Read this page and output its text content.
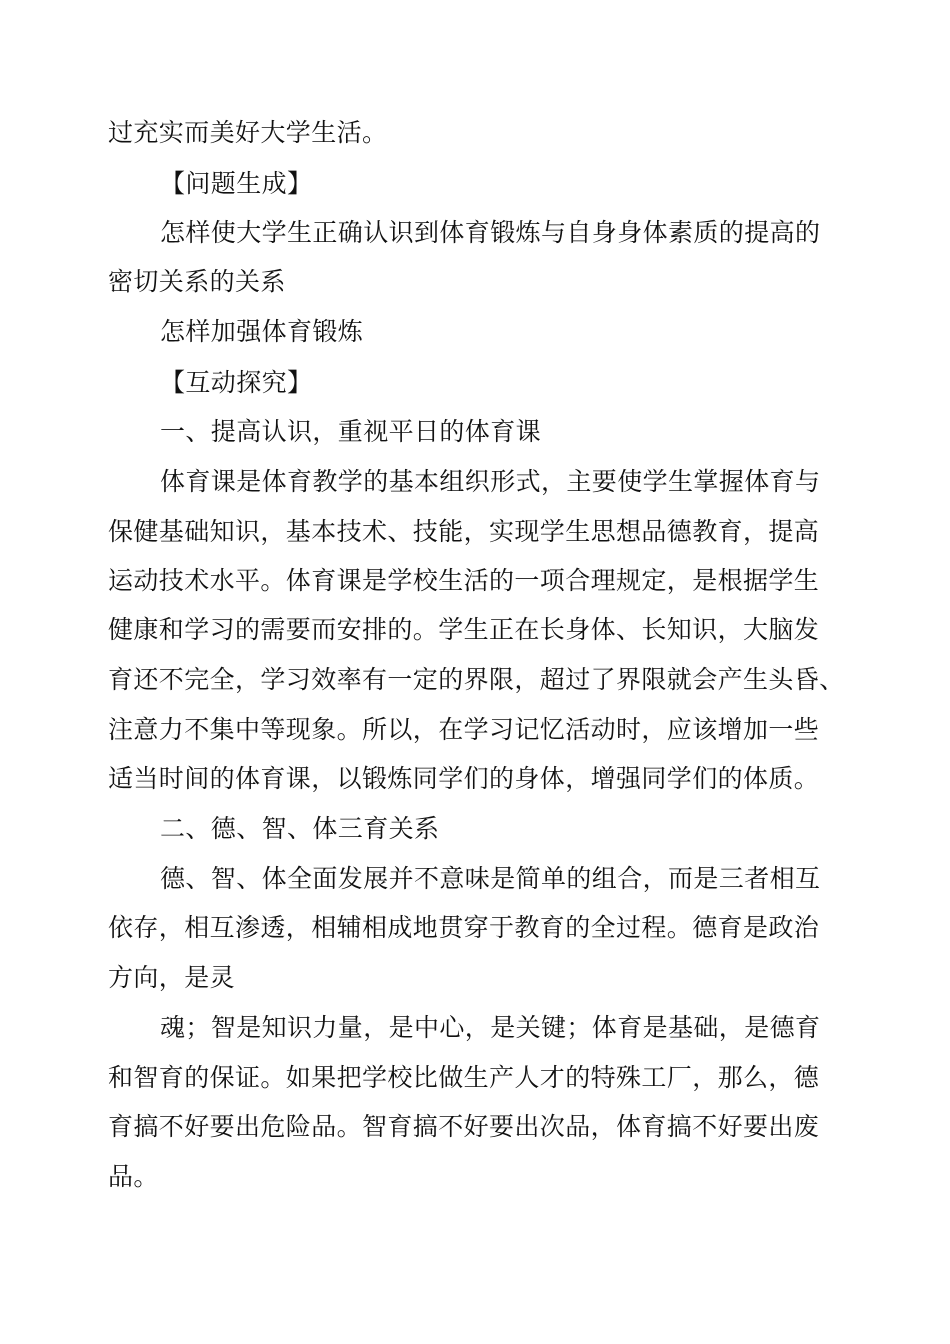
过充实而美好大学生活。
【问题生成】
怎样使大学生正确认识到体育锻炼与自身身体素质的提高的
密切关系的关系
怎样加强体育锻炼
【互动探究】
一、提高认识，重视平日的体育课
体育课是体育教学的基本组织形式，主要使学生掌握体育与
保健基础知识，基本技术、技能，实现学生思想品德教育，提高
运动技术水平。体育课是学校生活的一项合理规定，是根据学生
健康和学习的需要而安排的。学生正在长身体、长知识，大脑发
育还不完全，学习效率有一定的界限，超过了界限就会产生头昏、
注意力不集中等现象。所以，在学习记忆活动时，应该增加一些
适当时间的体育课，以锻炼同学们的身体，增强同学们的体质。
二、德、智、体三育关系
德、智、体全面发展并不意味是简单的组合，而是三者相互
依存，相互渗透，相辅相成地贯穿于教育的全过程。德育是政治
方向，是灵
魂；智是知识力量，是中心，是关键；体育是基础，是德育
和智育的保证。如果把学校比做生产人才的特殊工厂，那么，德
育搞不好要出危险品。智育搞不好要出次品，体育搞不好要出废
品。
